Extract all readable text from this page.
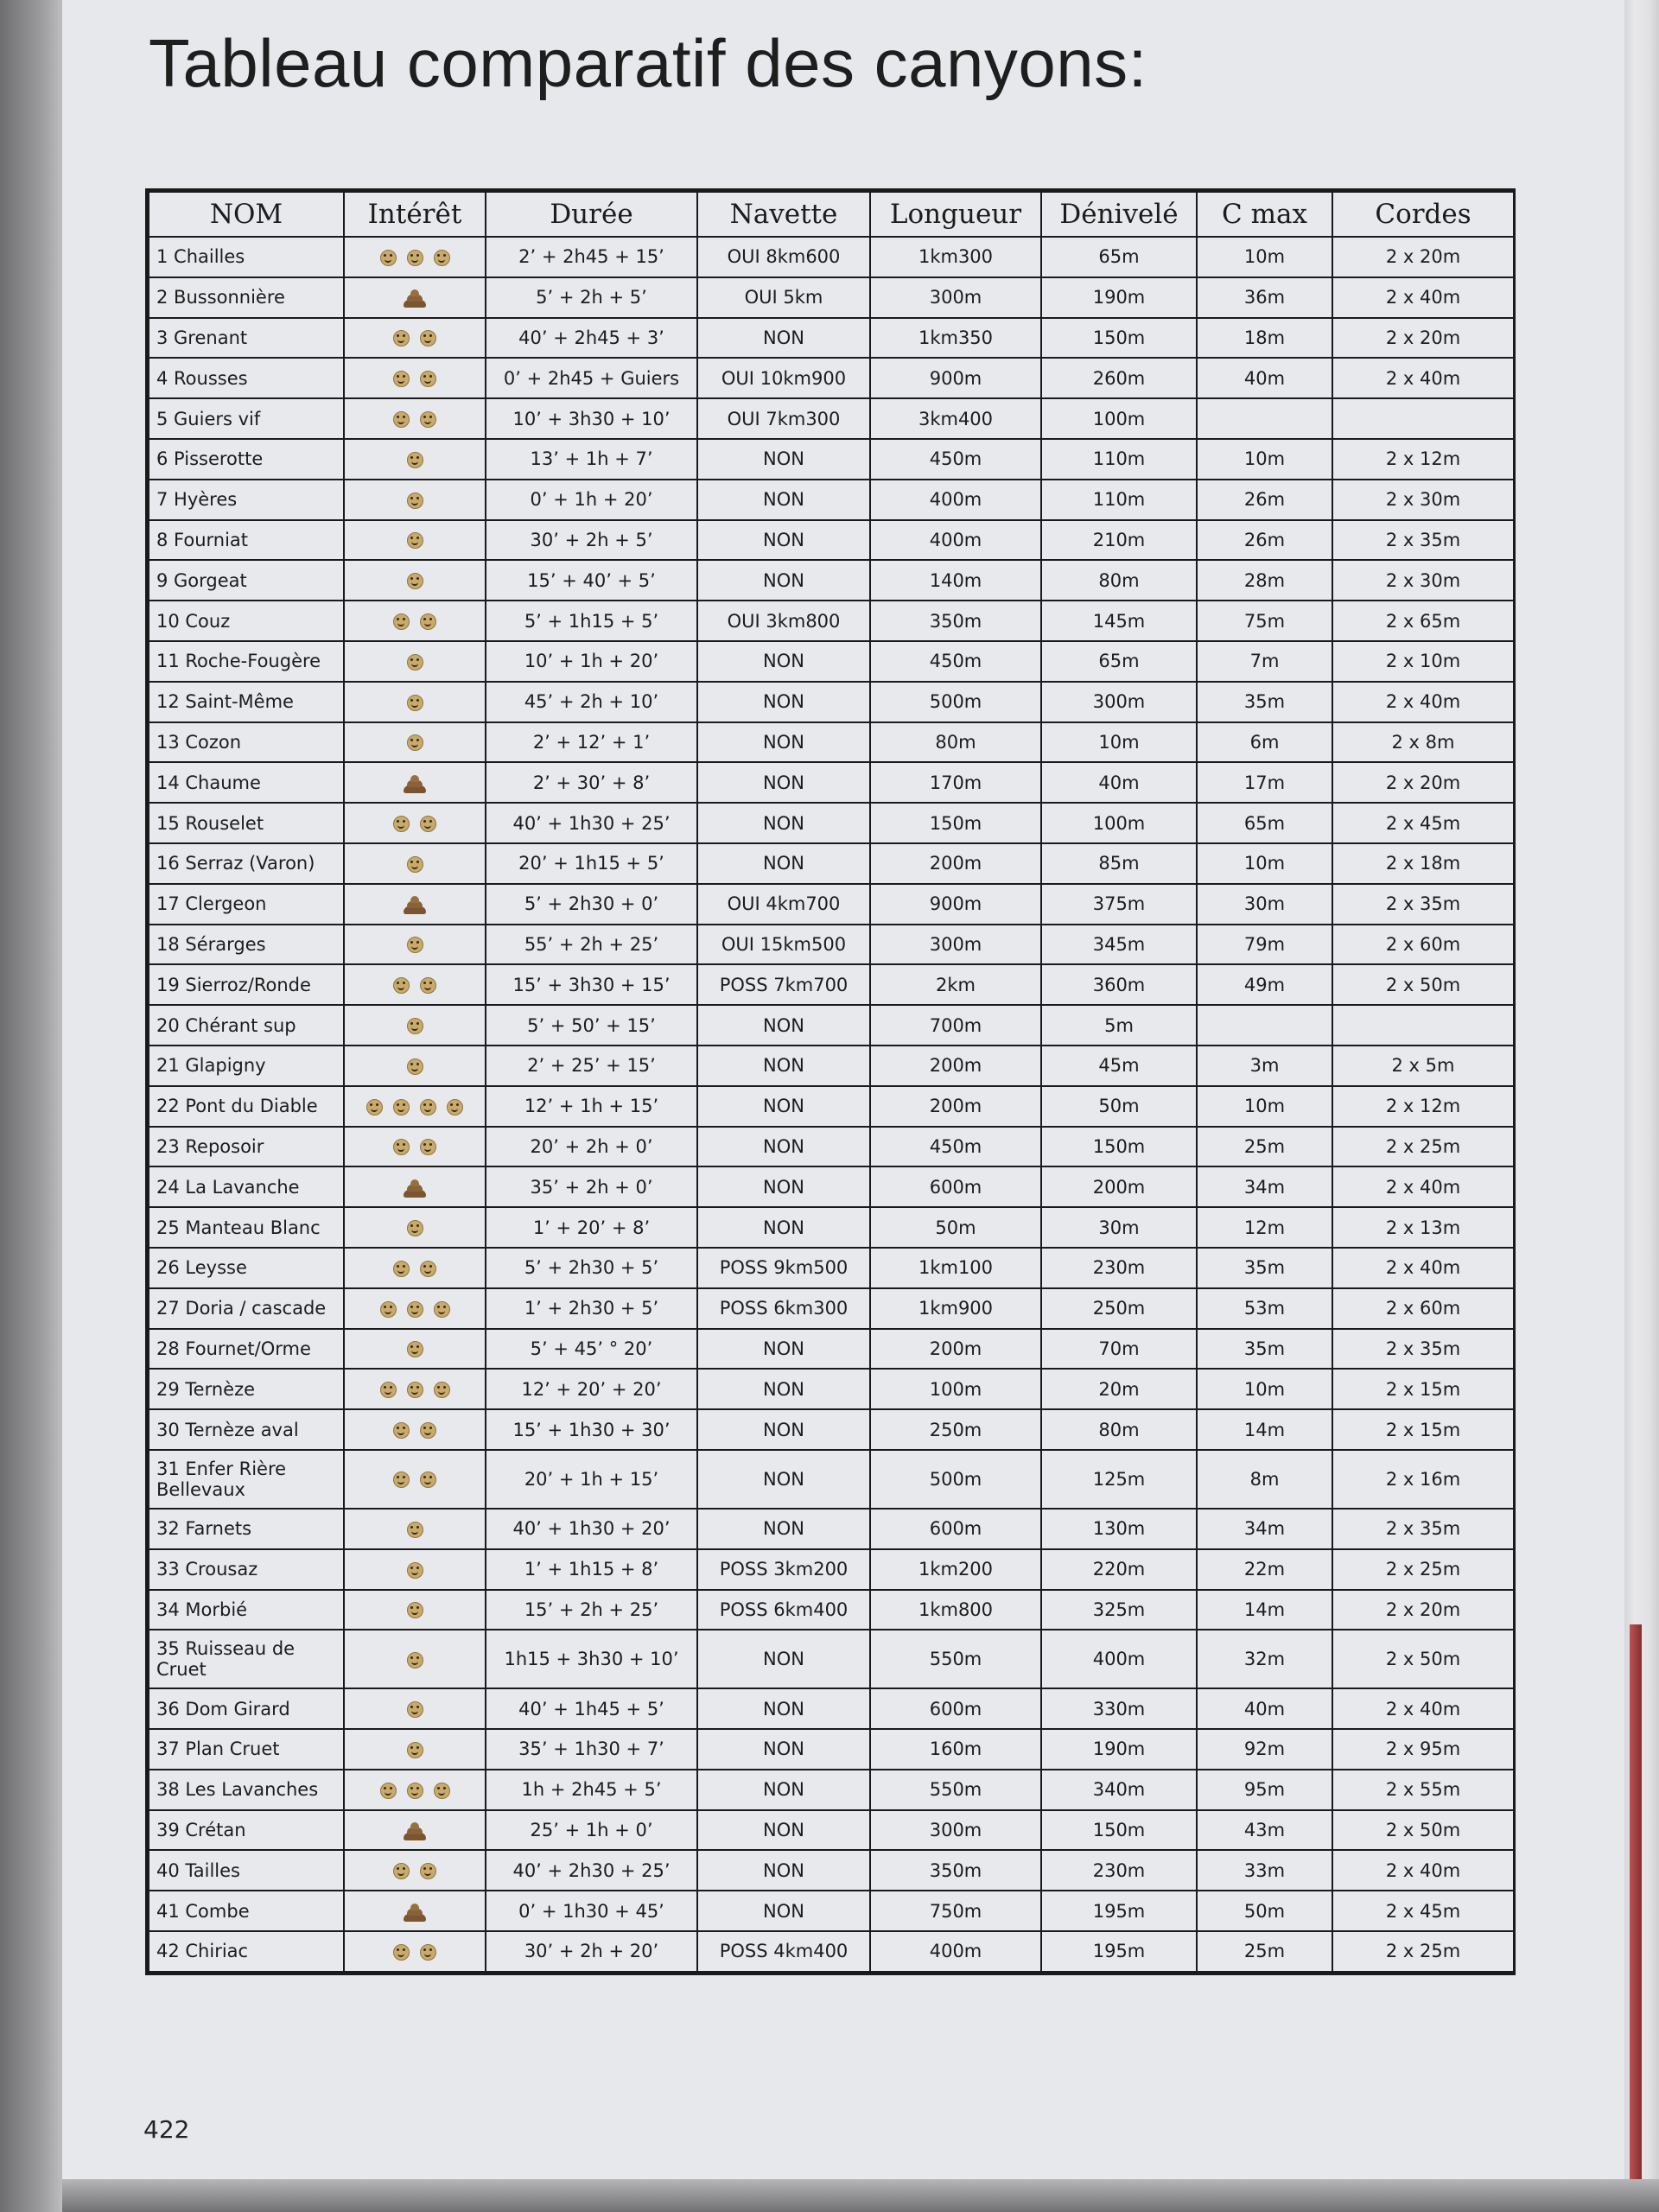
Tableau comparatif des canyons:
NOM	Intérêt	Durée	Navette	Longueur	Dénivelé	C max	Cordes
1 Chailles		2’ + 2h45 + 15’	OUI 8km600	1km300	65m	10m	2 x 20m
2 Bussonnière		5’ + 2h + 5’	OUI 5km	300m	190m	36m	2 x 40m
3 Grenant		40’ + 2h45 + 3’	NON	1km350	150m	18m	2 x 20m
4 Rousses		0’ + 2h45 + Guiers	OUI 10km900	900m	260m	40m	2 x 40m
5 Guiers vif		10’ + 3h30 + 10’	OUI 7km300	3km400	100m		
6 Pisserotte		13’ + 1h + 7’	NON	450m	110m	10m	2 x 12m
7 Hyères		0’ + 1h + 20’	NON	400m	110m	26m	2 x 30m
8 Fourniat		30’ + 2h + 5’	NON	400m	210m	26m	2 x 35m
9 Gorgeat		15’ + 40’ + 5’	NON	140m	80m	28m	2 x 30m
10 Couz		5’ + 1h15 + 5’	OUI 3km800	350m	145m	75m	2 x 65m
11 Roche-Fougère		10’ + 1h + 20’	NON	450m	65m	7m	2 x 10m
12 Saint-Même		45’ + 2h + 10’	NON	500m	300m	35m	2 x 40m
13 Cozon		2’ + 12’ + 1’	NON	80m	10m	6m	2 x 8m
14 Chaume		2’ + 30’ + 8’	NON	170m	40m	17m	2 x 20m
15 Rouselet		40’ + 1h30 + 25’	NON	150m	100m	65m	2 x 45m
16 Serraz (Varon)		20’ + 1h15 + 5’	NON	200m	85m	10m	2 x 18m
17 Clergeon		5’ + 2h30 + 0’	OUI 4km700	900m	375m	30m	2 x 35m
18 Sérarges		55’ + 2h + 25’	OUI 15km500	300m	345m	79m	2 x 60m
19 Sierroz/Ronde		15’ + 3h30 + 15’	POSS 7km700	2km	360m	49m	2 x 50m
20 Chérant sup		5’ + 50’ + 15’	NON	700m	5m		
21 Glapigny		2’ + 25’ + 15’	NON	200m	45m	3m	2 x 5m
22 Pont du Diable		12’ + 1h + 15’	NON	200m	50m	10m	2 x 12m
23 Reposoir		20’ + 2h + 0’	NON	450m	150m	25m	2 x 25m
24 La Lavanche		35’ + 2h + 0’	NON	600m	200m	34m	2 x 40m
25 Manteau Blanc		1’ + 20’ + 8’	NON	50m	30m	12m	2 x 13m
26 Leysse		5’ + 2h30 + 5’	POSS 9km500	1km100	230m	35m	2 x 40m
27 Doria / cascade		1’ + 2h30 + 5’	POSS 6km300	1km900	250m	53m	2 x 60m
28 Fournet/Orme		5’ + 45’ ° 20’	NON	200m	70m	35m	2 x 35m
29 Ternèze		12’ + 20’ + 20’	NON	100m	20m	10m	2 x 15m
30 Ternèze aval		15’ + 1h30 + 30’	NON	250m	80m	14m	2 x 15m
31 Enfer Rière Bellevaux		20’ + 1h + 15’	NON	500m	125m	8m	2 x 16m
32 Farnets		40’ + 1h30 + 20’	NON	600m	130m	34m	2 x 35m
33 Crousaz		1’ + 1h15 + 8’	POSS 3km200	1km200	220m	22m	2 x 25m
34 Morbié		15’ + 2h + 25’	POSS 6km400	1km800	325m	14m	2 x 20m
35 Ruisseau de Cruet		1h15 + 3h30 + 10’	NON	550m	400m	32m	2 x 50m
36 Dom Girard		40’ + 1h45 + 5’	NON	600m	330m	40m	2 x 40m
37 Plan Cruet		35’ + 1h30 + 7’	NON	160m	190m	92m	2 x 95m
38 Les Lavanches		1h + 2h45 + 5’	NON	550m	340m	95m	2 x 55m
39 Crétan		25’ + 1h + 0’	NON	300m	150m	43m	2 x 50m
40 Tailles		40’ + 2h30 + 25’	NON	350m	230m	33m	2 x 40m
41 Combe		0’ + 1h30 + 45’	NON	750m	195m	50m	2 x 45m
42 Chiriac		30’ + 2h + 20’	POSS 4km400	400m	195m	25m	2 x 25m
422
